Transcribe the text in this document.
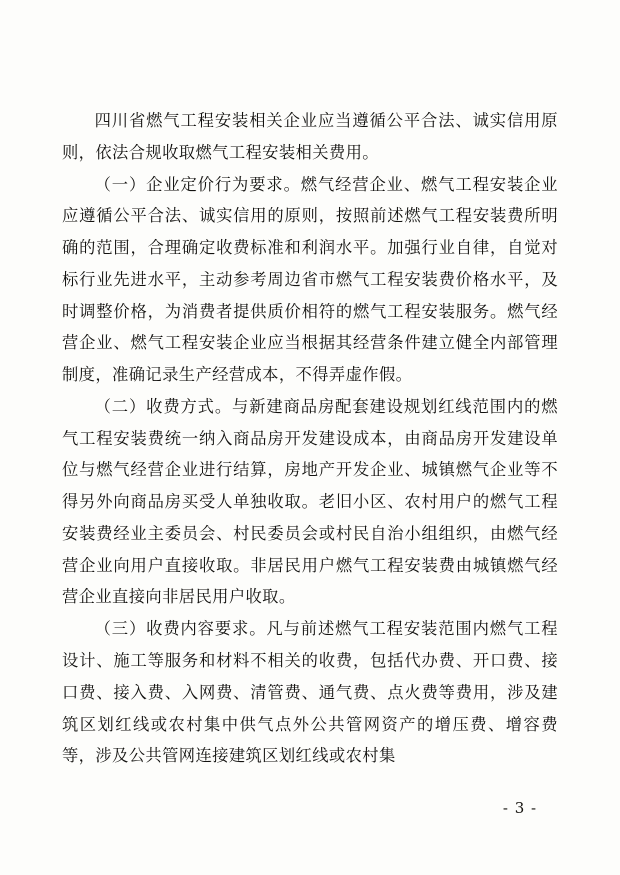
四川省燃气工程安装相关企业应当遵循公平合法、诚实信用原则，依法合规收取燃气工程安装相关费用。

（一）企业定价行为要求。燃气经营企业、燃气工程安装企业应遵循公平合法、诚实信用的原则，按照前述燃气工程安装费所明确的范围，合理确定收费标准和利润水平。加强行业自律，自觉对标行业先进水平，主动参考周边省市燃气工程安装费价格水平，及时调整价格，为消费者提供质价相符的燃气工程安装服务。燃气经营企业、燃气工程安装企业应当根据其经营条件建立健全内部管理制度，准确记录生产经营成本，不得弄虚作假。

（二）收费方式。与新建商品房配套建设规划红线范围内的燃气工程安装费统一纳入商品房开发建设成本，由商品房开发建设单位与燃气经营企业进行结算，房地产开发企业、城镇燃气企业等不得另外向商品房买受人单独收取。老旧小区、农村用户的燃气工程安装费经业主委员会、村民委员会或村民自治小组组织，由燃气经营企业向用户直接收取。非居民用户燃气工程安装费由城镇燃气经营企业直接向非居民用户收取。

（三）收费内容要求。凡与前述燃气工程安装范围内燃气工程设计、施工等服务和材料不相关的收费，包括代办费、开口费、接口费、接入费、入网费、清管费、通气费、点火费等费用，涉及建筑区划红线或农村集中供气点外公共管网资产的增压费、增容费等，涉及公共管网连接建筑区划红线或农村集

- 3 -
